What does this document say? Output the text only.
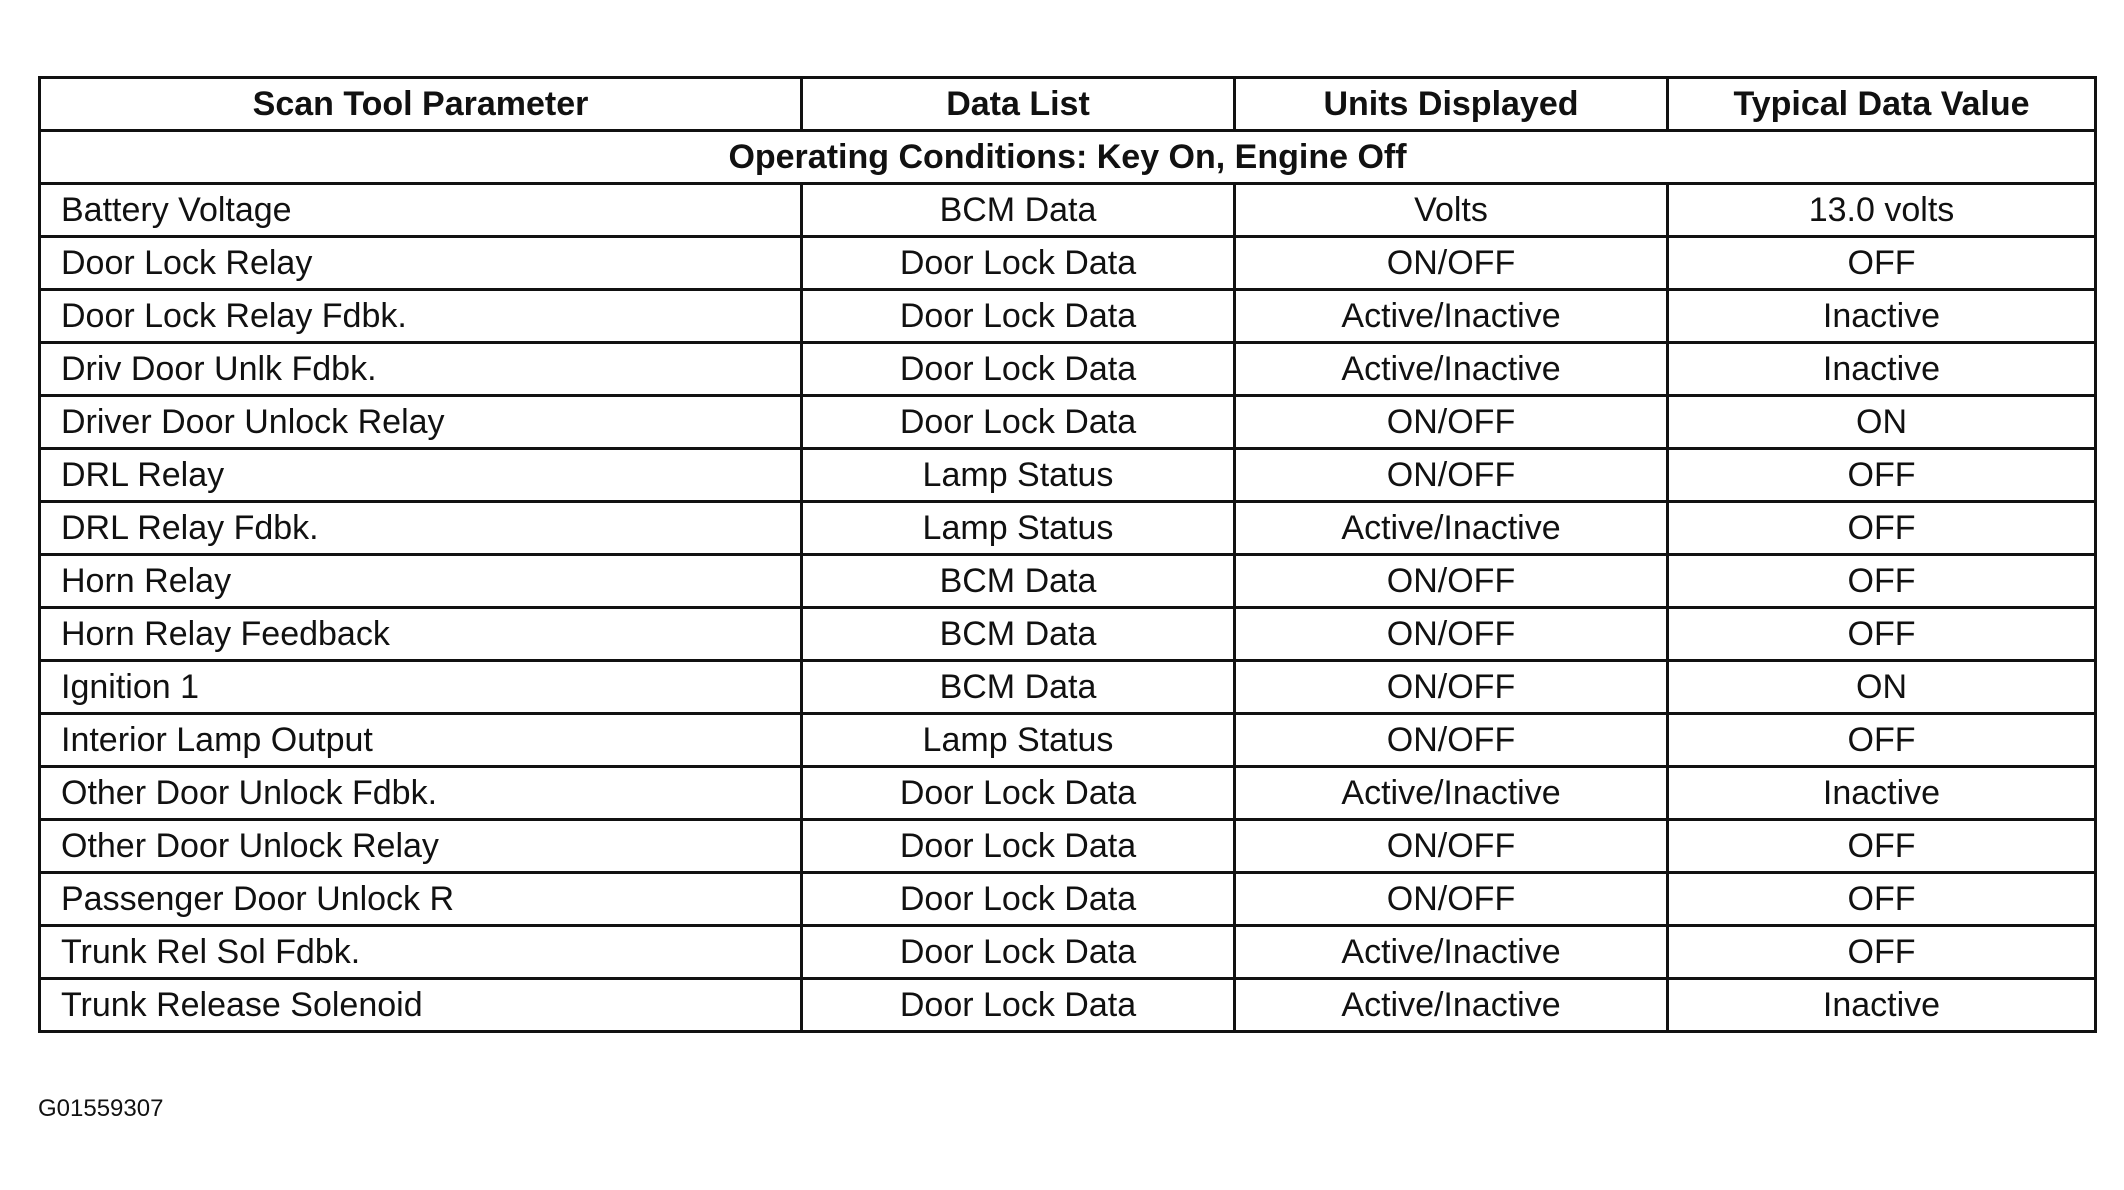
Scan Tool Parameter	Data List	Units Displayed	Typical Data Value
Operating Conditions: Key On, Engine Off			
Battery Voltage	BCM Data	Volts	13.0 volts
Door Lock Relay	Door Lock Data	ON/OFF	OFF
Door Lock Relay Fdbk.	Door Lock Data	Active/Inactive	Inactive
Driv Door Unlk Fdbk.	Door Lock Data	Active/Inactive	Inactive
Driver Door Unlock Relay	Door Lock Data	ON/OFF	ON
DRL Relay	Lamp Status	ON/OFF	OFF
DRL Relay Fdbk.	Lamp Status	Active/Inactive	OFF
Horn Relay	BCM Data	ON/OFF	OFF
Horn Relay Feedback	BCM Data	ON/OFF	OFF
Ignition 1	BCM Data	ON/OFF	ON
Interior Lamp Output	Lamp Status	ON/OFF	OFF
Other Door Unlock Fdbk.	Door Lock Data	Active/Inactive	Inactive
Other Door Unlock Relay	Door Lock Data	ON/OFF	OFF
Passenger Door Unlock R	Door Lock Data	ON/OFF	OFF
Trunk Rel Sol Fdbk.	Door Lock Data	Active/Inactive	OFF
Trunk Release Solenoid	Door Lock Data	Active/Inactive	Inactive
G01559307
